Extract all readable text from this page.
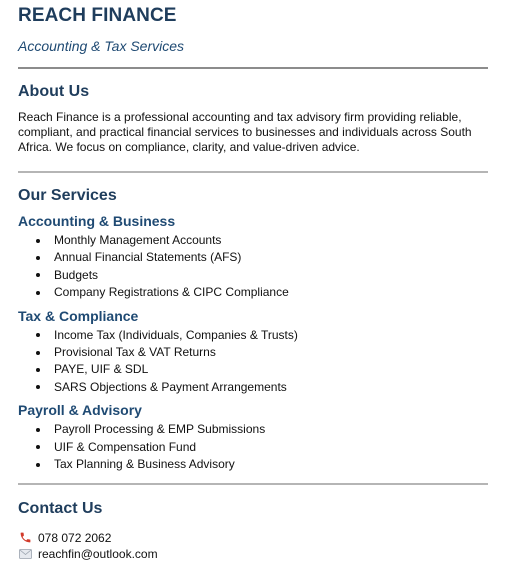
REACH FINANCE

Accounting & Tax Services

About Us

Reach Finance is a professional accounting and tax advisory firm providing reliable, compliant, and practical financial services to businesses and individuals across South Africa. We focus on compliance, clarity, and value-driven advice.

Our Services
Accounting & Business
Monthly Management Accounts
Annual Financial Statements (AFS)
Budgets
Company Registrations & CIPC Compliance
Tax & Compliance
Income Tax (Individuals, Companies & Trusts)
Provisional Tax & VAT Returns
PAYE, UIF & SDL
SARS Objections & Payment Arrangements
Payroll & Advisory
Payroll Processing & EMP Submissions
UIF & Compensation Fund
Tax Planning & Business Advisory
Contact Us
078 072 2062
reachfin@outlook.com
